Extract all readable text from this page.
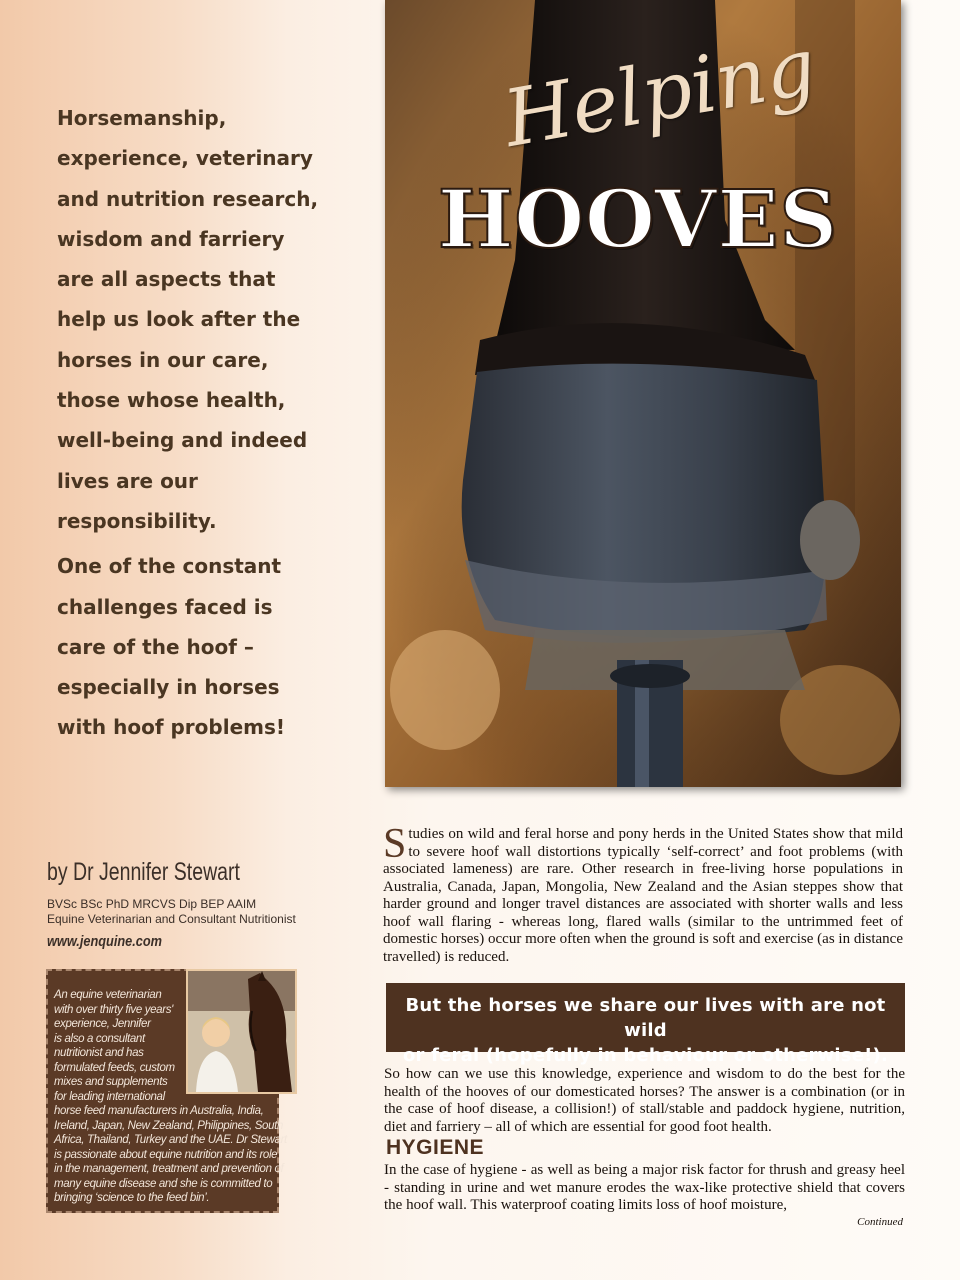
Horsemanship, experience, veterinary and nutrition research, wisdom and farriery are all aspects that help us look after the horses in our care, those whose health, well-being and indeed lives are our responsibility.

One of the constant challenges faced is care of the hoof – especially in horses with hoof problems!

Helping
HOOVES
by Dr Jennifer Stewart
BVSc BSc PhD MRCVS Dip BEP AAIM
Equine Veterinarian and Consultant Nutritionist
www.jenquine.com

An equine veterinarian
with over thirty five years'
experience, Jennifer
is also a consultant
nutritionist and has
formulated feeds, custom
mixes and supplements
for leading international
horse feed manufacturers in Australia, India,
Ireland, Japan, New Zealand, Philippines, South
Africa, Thailand, Turkey and the UAE. Dr Stewart
is passionate about equine nutrition and its role
in the management, treatment and prevention of
many equine disease and she is committed to
bringing ‘science to the feed bin’.

Studies on wild and feral horse and pony herds in the United States show that mild to severe hoof wall distortions typically ‘self-correct’ and foot problems (with associated lameness) are rare. Other research in free-living horse populations in Australia, Canada, Japan, Mongolia, New Zealand and the Asian steppes show that harder ground and longer travel distances are associated with shorter walls and less hoof wall flaring - whereas long, flared walls (similar to the untrimmed feet of domestic horses) occur more often when the ground is soft and exercise (as in distance travelled) is reduced.

But the horses we share our lives with are not wild
or feral (hopefully in behaviour or otherwise!).

So how can we use this knowledge, experience and wisdom to do the best for the health of the hooves of our domesticated horses? The answer is a combination (or in the case of hoof disease, a collision!) of stall/stable and paddock hygiene, nutrition, diet and farriery – all of which are essential for good foot health.

HYGIENE

In the case of hygiene - as well as being a major risk factor for thrush and greasy heel - standing in urine and wet manure erodes the wax-like protective shield that covers the hoof wall. This waterproof coating limits loss of hoof moisture,

Continued
